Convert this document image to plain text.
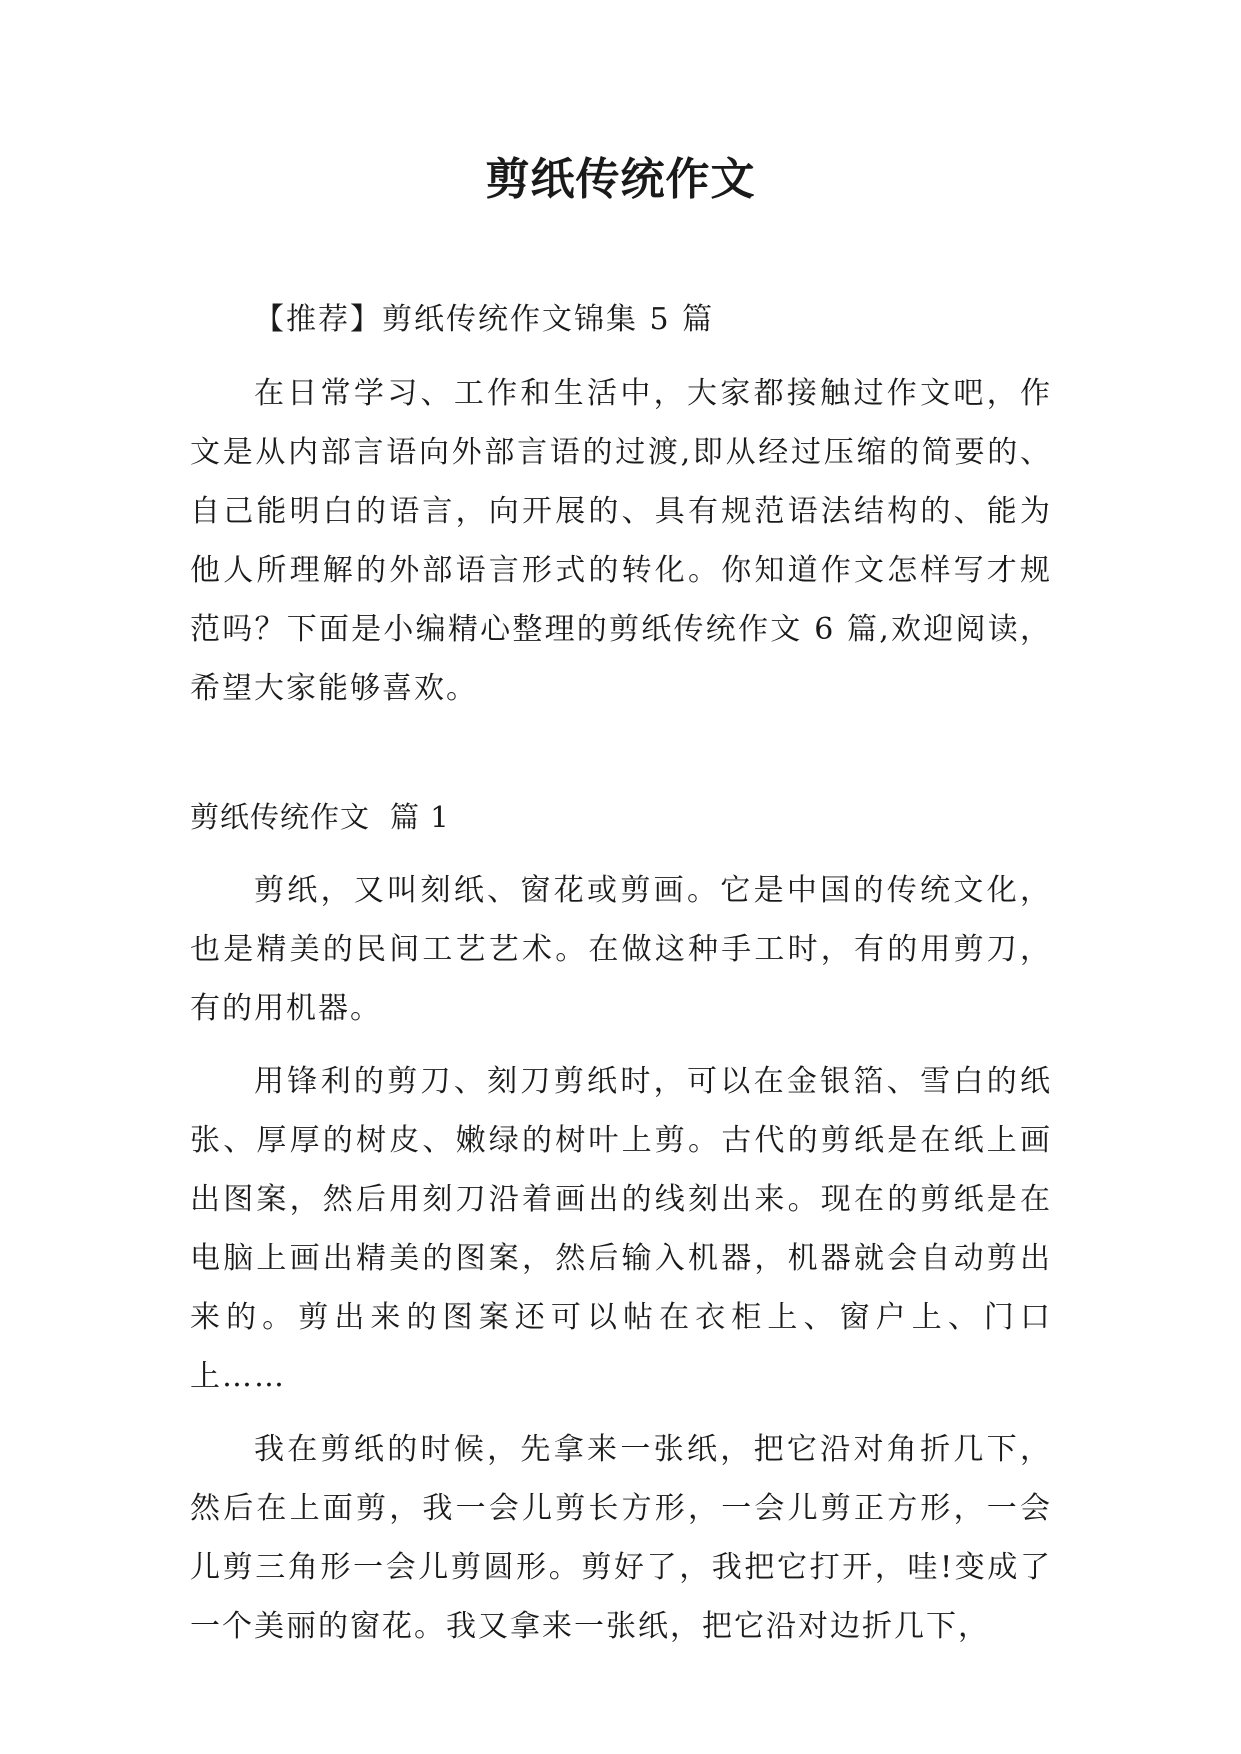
剪纸传统作文

【推荐】剪纸传统作文锦集 5 篇

在日常学习、工作和生活中，大家都接触过作文吧，作文是从内部言语向外部言语的过渡,即从经过压缩的简要的、自己能明白的语言，向开展的、具有规范语法结构的、能为他人所理解的外部语言形式的转化。你知道作文怎样写才规范吗？下面是小编精心整理的剪纸传统作文 6 篇,欢迎阅读，希望大家能够喜欢。

剪纸传统作文 篇 1

剪纸，又叫刻纸、窗花或剪画。它是中国的传统文化，也是精美的民间工艺艺术。在做这种手工时，有的用剪刀，有的用机器。

用锋利的剪刀、刻刀剪纸时，可以在金银箔、雪白的纸张、厚厚的树皮、嫩绿的树叶上剪。古代的剪纸是在纸上画出图案，然后用刻刀沿着画出的线刻出来。现在的剪纸是在电脑上画出精美的图案，然后输入机器，机器就会自动剪出来的。剪出来的图案还可以帖在衣柜上、窗户上、门口上……

我在剪纸的时候，先拿来一张纸，把它沿对角折几下，然后在上面剪，我一会儿剪长方形，一会儿剪正方形，一会儿剪三角形一会儿剪圆形。剪好了，我把它打开，哇!变成了一个美丽的窗花。我又拿来一张纸，把它沿对边折几下，
